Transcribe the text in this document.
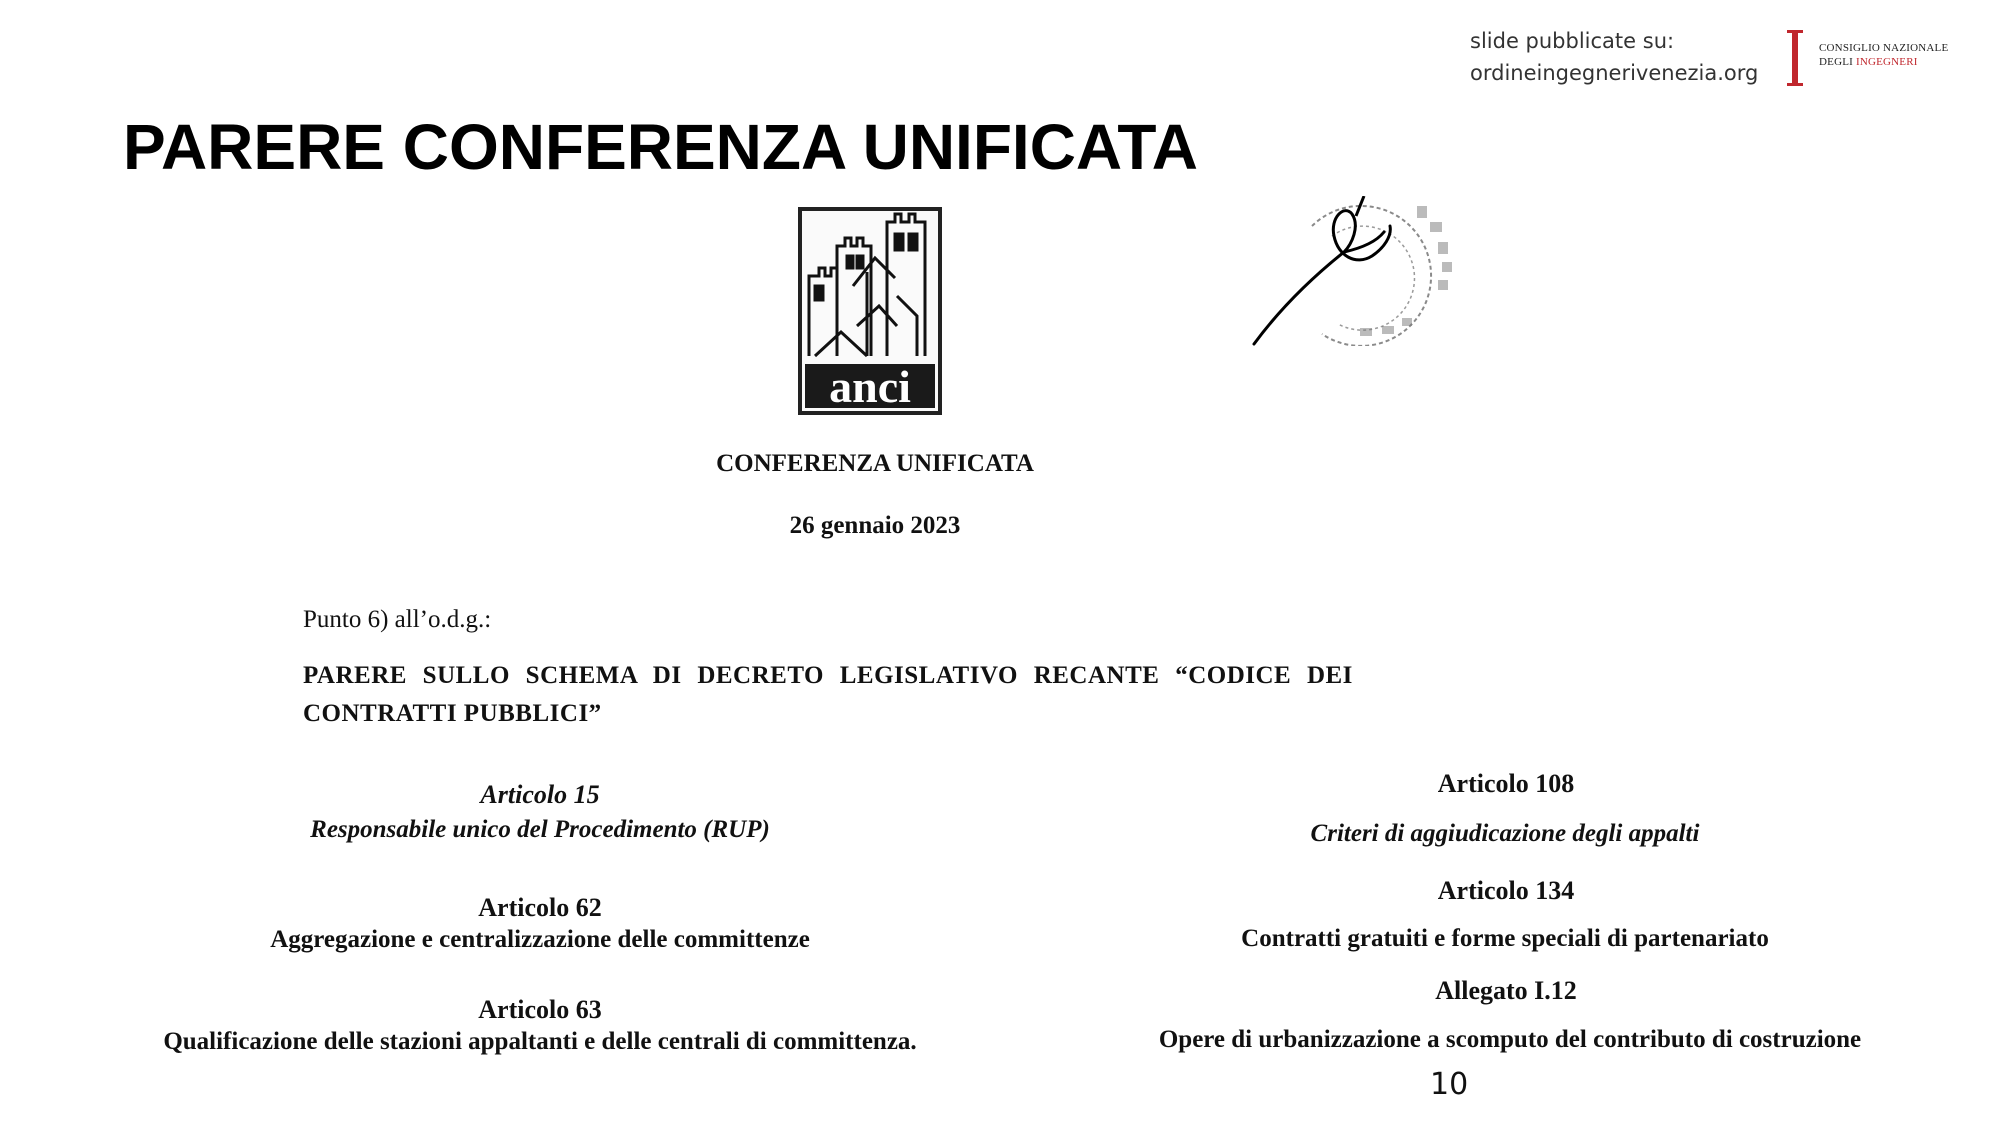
slide pubblicate su:
ordineingegnerivenezia.org
CONSIGLIO NAZIONALE
DEGLI INGEGNERI
PARERE CONFERENZA UNIFICATA
anci
CONFERENZA UNIFICATA
26 gennaio 2023
Punto 6) all’o.d.g.:
PARERE SULLO SCHEMA DI DECRETO LEGISLATIVO RECANTE “CODICE DEI
CONTRATTI PUBBLICI”
Articolo 15
Responsabile unico del Procedimento (RUP)
Articolo 62
Aggregazione e centralizzazione delle committenze
Articolo 63
Qualificazione delle stazioni appaltanti e delle centrali di committenza.
Articolo 108
Criteri di aggiudicazione degli appalti
Articolo 134
Contratti gratuiti e forme speciali di partenariato
Allegato I.12
Opere di urbanizzazione a scomputo del contributo di costruzione
10
